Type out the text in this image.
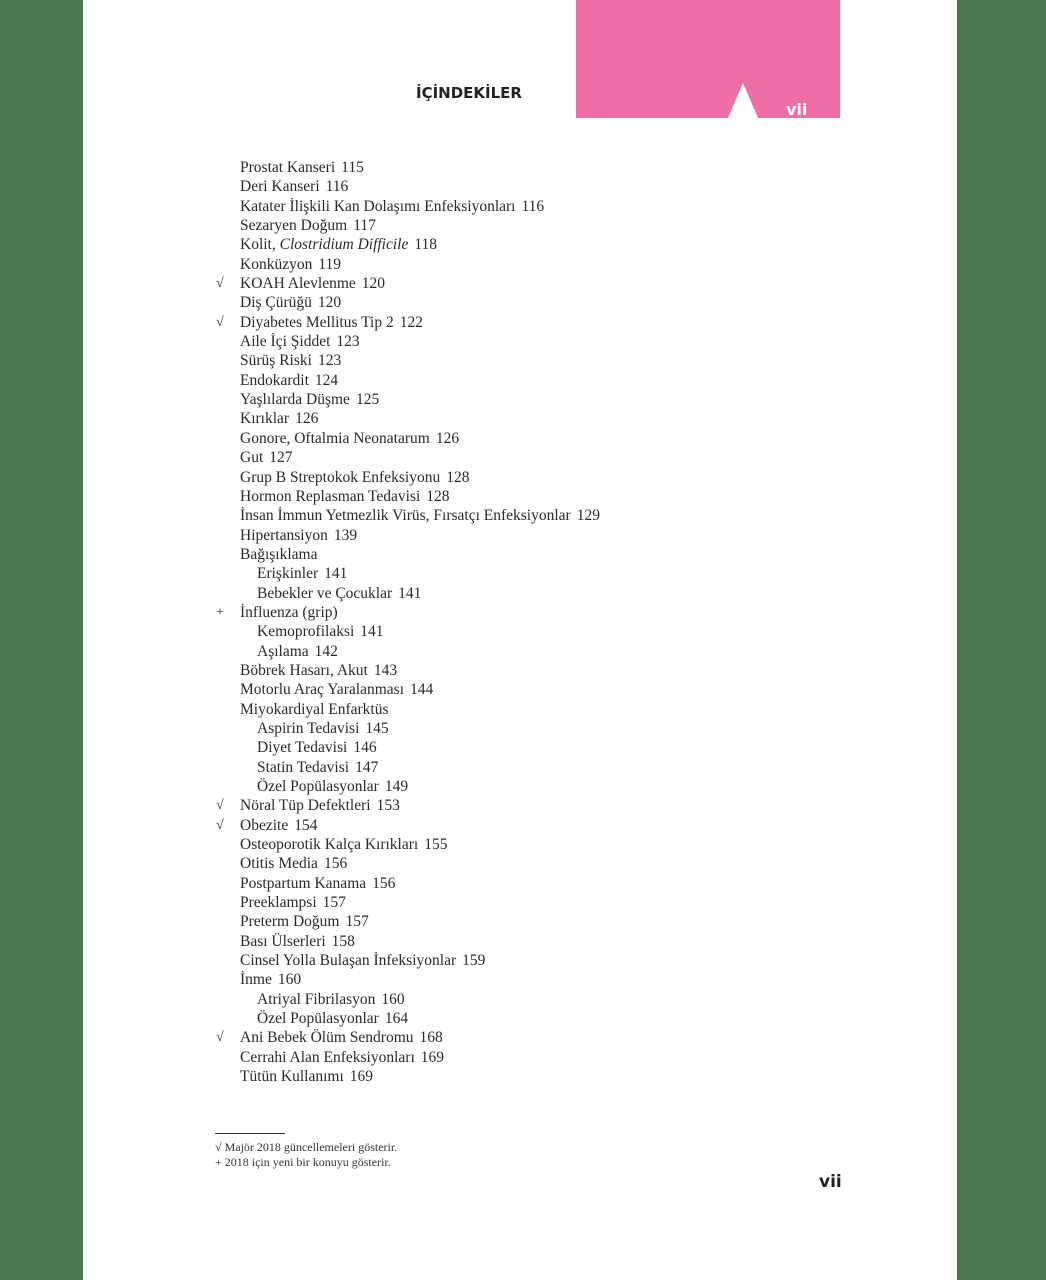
vii
İÇİNDEKİLER
Prostat Kanseri 115
Deri Kanseri 116
Katater İlişkili Kan Dolaşımı Enfeksiyonları 116
Sezaryen Doğum 117
Kolit, Clostridium Difficile 118
Konküzyon 119
√ KOAH Alevlenme 120
Diş Çürüğü 120
√ Diyabetes Mellitus Tip 2 122
Aile İçi Şiddet 123
Sürüş Riski 123
Endokardit 124
Yaşlılarda Düşme 125
Kırıklar 126
Gonore, Oftalmia Neonatarum 126
Gut 127
Grup B Streptokok Enfeksiyonu 128
Hormon Replasman Tedavisi 128
İnsan İmmun Yetmezlik Virüs, Fırsatçı Enfeksiyonlar 129
Hipertansiyon 139
Bağışıklama
Erişkinler 141
Bebekler ve Çocuklar 141
+ İnfluenza (grip)
Kemoprofilaksi 141
Aşılama 142
Böbrek Hasarı, Akut 143
Motorlu Araç Yaralanması 144
Miyokardiyal Enfarktüs
Aspirin Tedavisi 145
Diyet Tedavisi 146
Statin Tedavisi 147
Özel Popülasyonlar 149
√ Nöral Tüp Defektleri 153
√ Obezite 154
Osteoporotik Kalça Kırıkları 155
Otitis Media 156
Postpartum Kanama 156
Preeklampsi 157
Preterm Doğum 157
Bası Ülserleri 158
Cinsel Yolla Bulaşan İnfeksiyonlar 159
İnme 160
Atriyal Fibrilasyon 160
Özel Popülasyonlar 164
√ Ani Bebek Ölüm Sendromu 168
Cerrahi Alan Enfeksiyonları 169
Tütün Kullanımı 169
√ Majör 2018 güncellemeleri gösterir.
+ 2018 için yeni bir konuyu gösterir.
vii
